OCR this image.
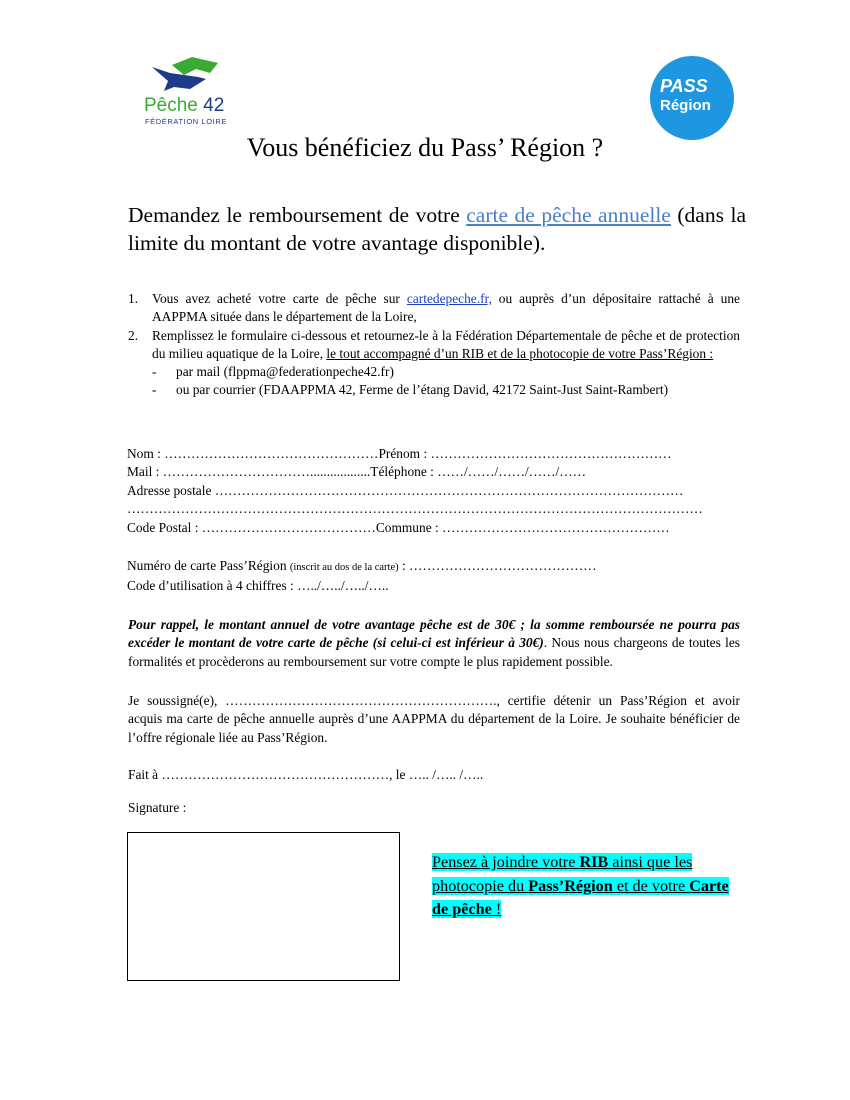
Pêche 42
FÉDÉRATION LOIRE
PASS
Région
Vous bénéficiez du Pass’ Région ?
Demandez le remboursement de votre carte de pêche annuelle (dans la limite du montant de votre avantage disponible).
1.	Vous avez acheté votre carte de pêche sur cartedepeche.fr, ou auprès d’un dépositaire rattaché à une AAPPMA située dans le département de la Loire,
2.	Remplissez le formulaire ci-dessous et retournez-le à la Fédération Départementale de pêche et de protection du milieu aquatique de la Loire, le tout accompagné d’un RIB et de la photocopie de votre Pass’Région :
-	par mail (flppma@federationpeche42.fr)
-	ou par courrier (FDAAPPMA 42, Ferme de l’étang David, 42172 Saint-Just Saint-Rambert)
Nom : …………………………………………Prénom : ………………………………………………
Mail : ……………………………..................Téléphone : ……/……/……/……/……
Adresse postale ……………………………………………………………………………………………
…………………………………………………………………………………………………………………
Code Postal : …………………………………Commune : ……………………………………………
Numéro de carte Pass’Région (inscrit au dos de la carte) : ……………………………………
Code d’utilisation à 4 chiffres : …../…../…../…..
Pour rappel, le montant annuel de votre avantage pêche est de 30€ ; la somme remboursée ne pourra pas excéder le montant de votre carte de pêche (si celui-ci est inférieur à 30€). Nous nous chargeons de toutes les formalités et procèderons au remboursement sur votre compte le plus rapidement possible.
Je soussigné(e), ……………………………………………………., certifie détenir un Pass’Région et avoir acquis ma carte de pêche annuelle auprès d’une AAPPMA du département de la Loire. Je souhaite bénéficier de l’offre régionale liée au Pass’Région.
Fait à ……………………………………………, le ….. /….. /…..
Signature :
Pensez à joindre votre RIB ainsi que les photocopie du Pass’Région et de votre Carte de pêche !
